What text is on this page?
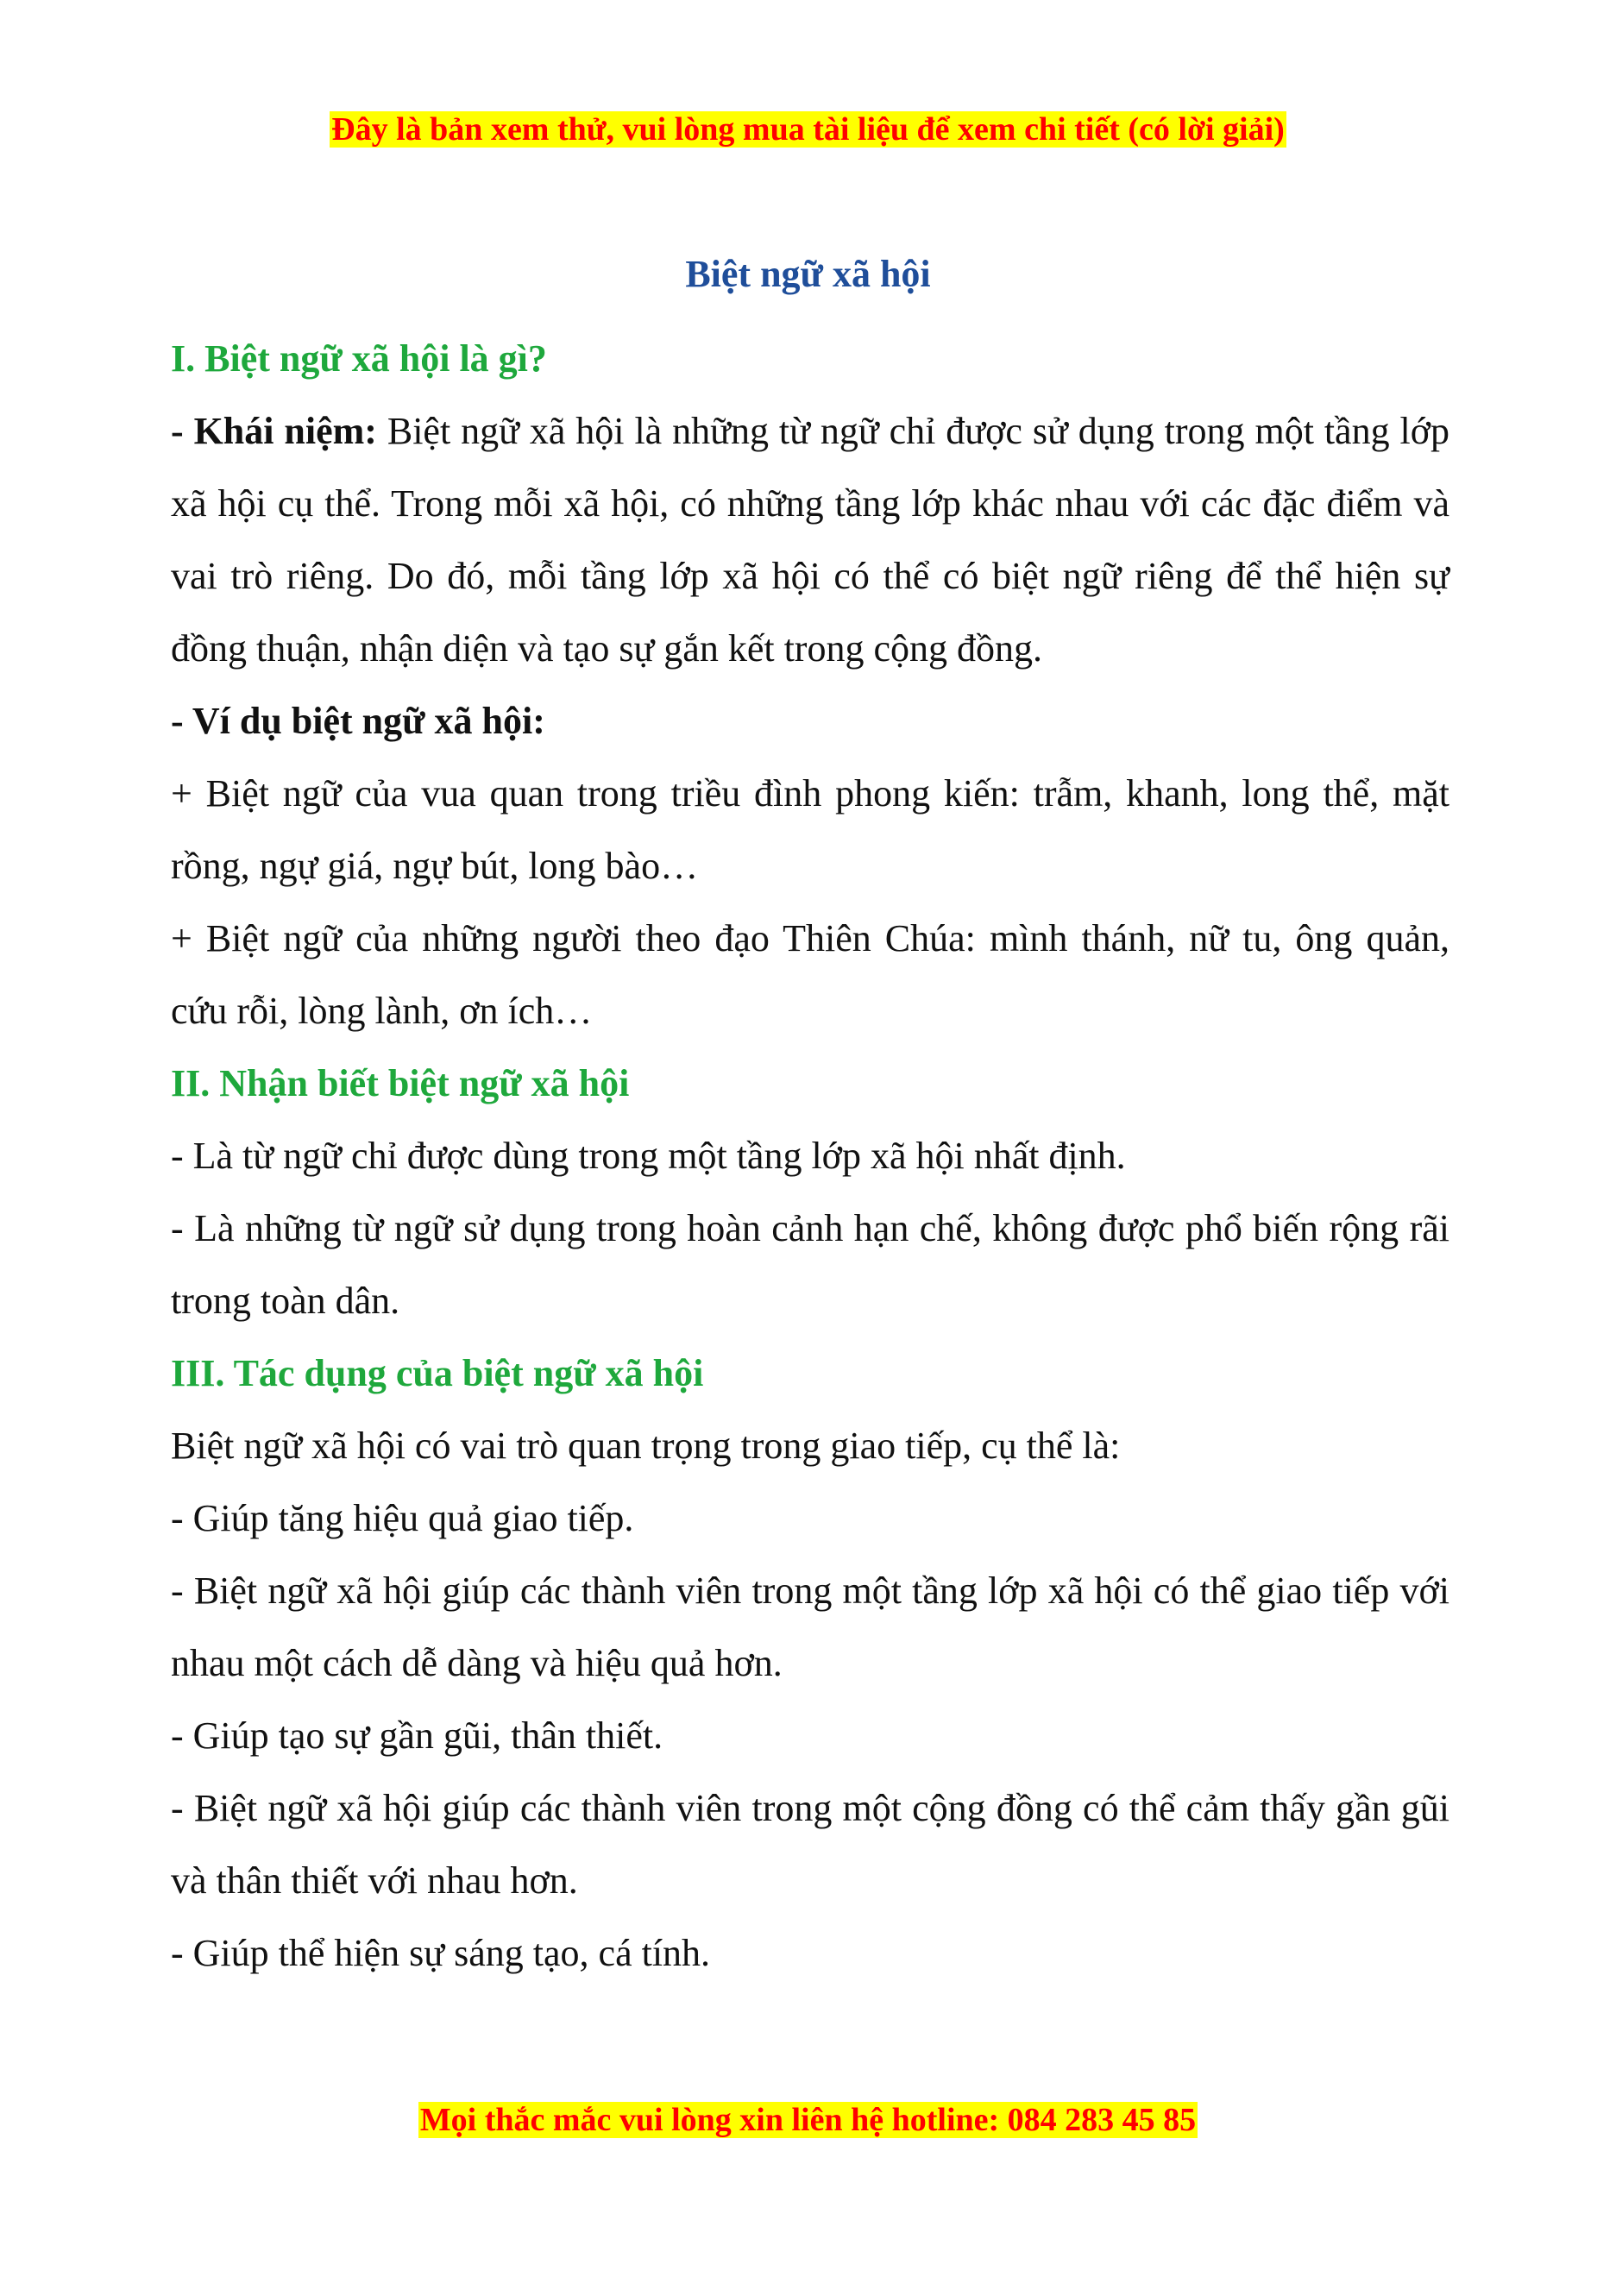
Đây là bản xem thử, vui lòng mua tài liệu để xem chi tiết (có lời giải)
Biệt ngữ xã hội

I. Biệt ngữ xã hội là gì?

- Khái niệm: Biệt ngữ xã hội là những từ ngữ chỉ được sử dụng trong một tầng lớp xã hội cụ thể. Trong mỗi xã hội, có những tầng lớp khác nhau với các đặc điểm và vai trò riêng. Do đó, mỗi tầng lớp xã hội có thể có biệt ngữ riêng để thể hiện sự đồng thuận, nhận diện và tạo sự gắn kết trong cộng đồng.

- Ví dụ biệt ngữ xã hội:

+ Biệt ngữ của vua quan trong triều đình phong kiến: trẫm, khanh, long thể, mặt rồng, ngự giá, ngự bút, long bào…

+ Biệt ngữ của những người theo đạo Thiên Chúa: mình thánh, nữ tu, ông quản, cứu rỗi, lòng lành, ơn ích…

II. Nhận biết biệt ngữ xã hội

- Là từ ngữ chỉ được dùng trong một tầng lớp xã hội nhất định.

- Là những từ ngữ sử dụng trong hoàn cảnh hạn chế, không được phổ biến rộng rãi trong toàn dân.

III. Tác dụng của biệt ngữ xã hội

Biệt ngữ xã hội có vai trò quan trọng trong giao tiếp, cụ thể là:

- Giúp tăng hiệu quả giao tiếp.

- Biệt ngữ xã hội giúp các thành viên trong một tầng lớp xã hội có thể giao tiếp với nhau một cách dễ dàng và hiệu quả hơn.

- Giúp tạo sự gần gũi, thân thiết.

- Biệt ngữ xã hội giúp các thành viên trong một cộng đồng có thể cảm thấy gần gũi và thân thiết với nhau hơn.

- Giúp thể hiện sự sáng tạo, cá tính.

Mọi thắc mắc vui lòng xin liên hệ hotline: 084 283 45 85
